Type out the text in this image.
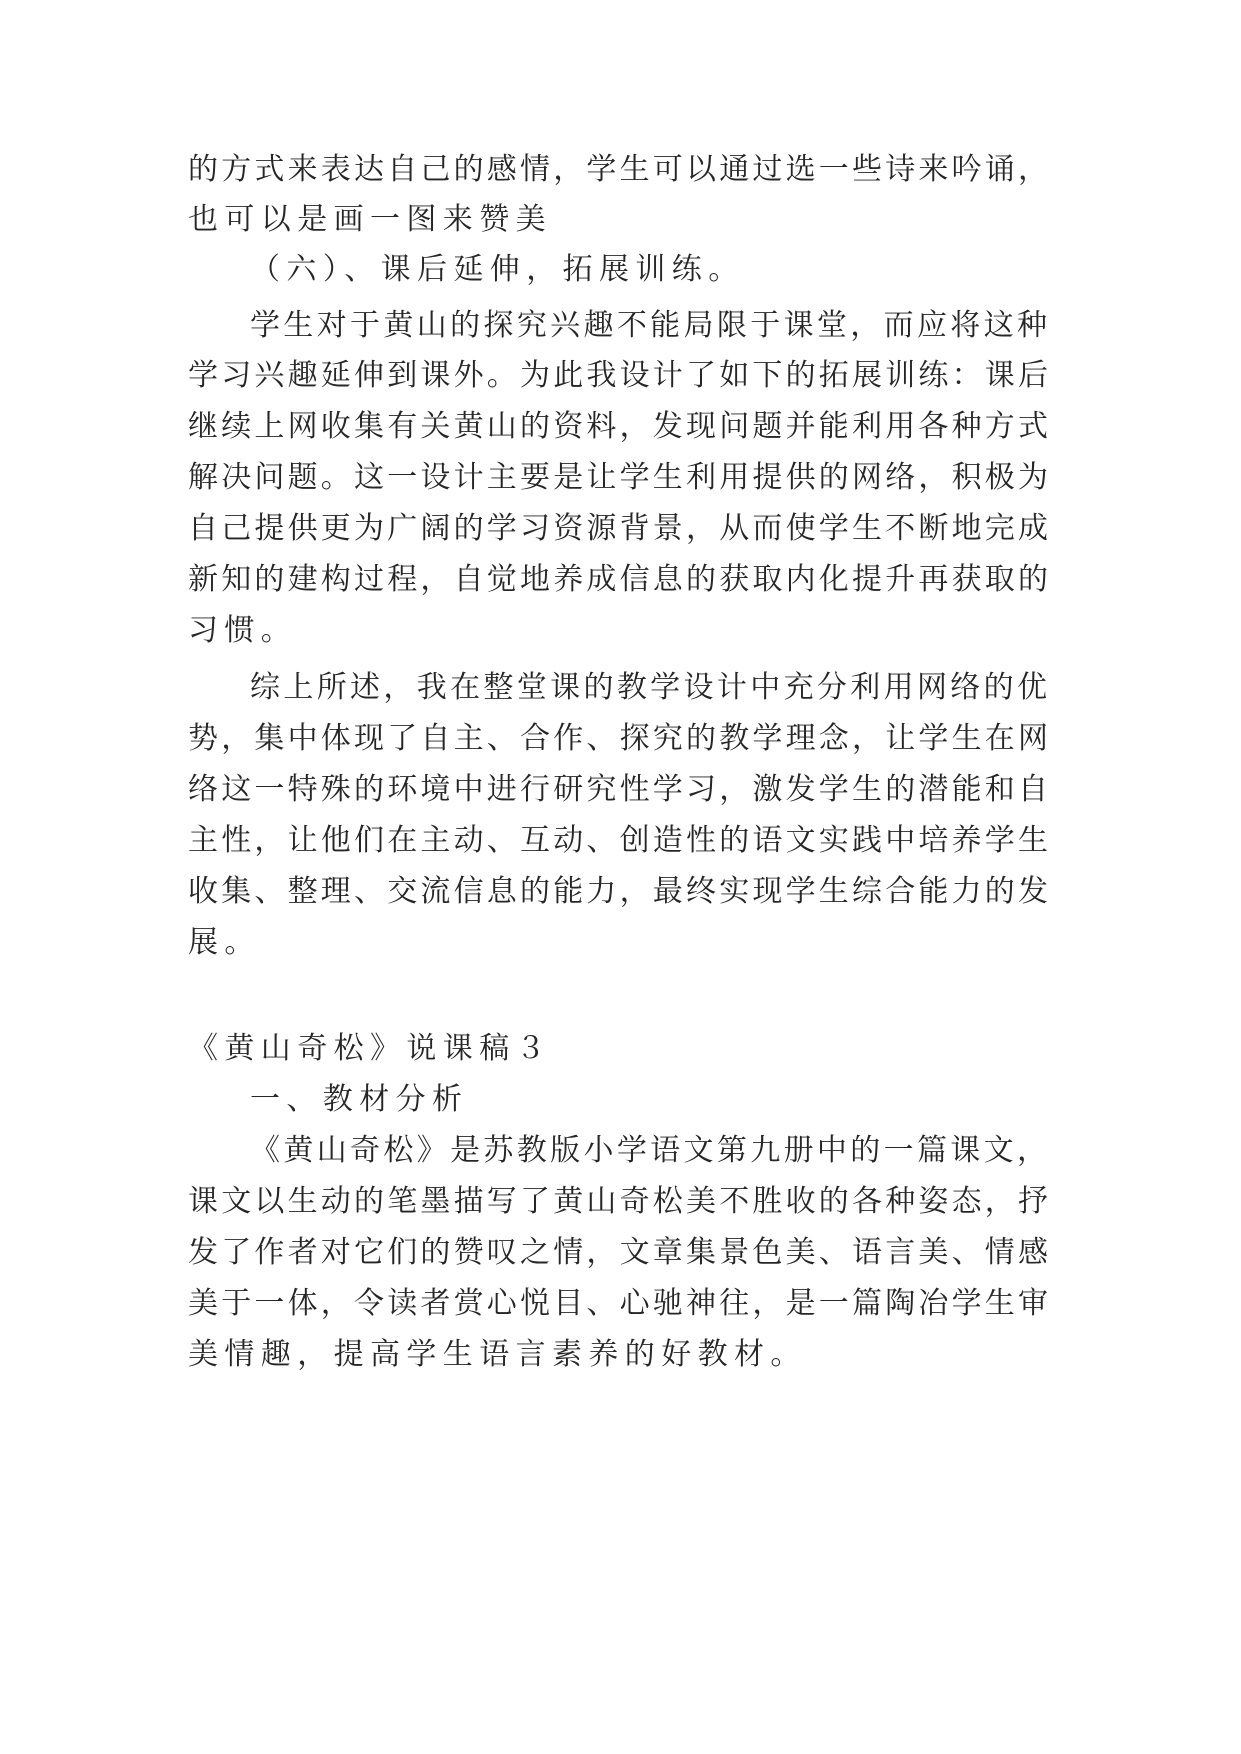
的方式来表达自己的感情，学生可以通过选一些诗来吟诵，
也可以是画一图来赞美
（六）、课后延伸，拓展训练。
学生对于黄山的探究兴趣不能局限于课堂，而应将这种
学习兴趣延伸到课外。为此我设计了如下的拓展训练：课后
继续上网收集有关黄山的资料，发现问题并能利用各种方式
解决问题。这一设计主要是让学生利用提供的网络，积极为
自己提供更为广阔的学习资源背景，从而使学生不断地完成
新知的建构过程，自觉地养成信息的获取内化提升再获取的
习惯。
综上所述，我在整堂课的教学设计中充分利用网络的优
势，集中体现了自主、合作、探究的教学理念，让学生在网
络这一特殊的环境中进行研究性学习，激发学生的潜能和自
主性，让他们在主动、互动、创造性的语文实践中培养学生
收集、整理、交流信息的能力，最终实现学生综合能力的发
展。
《黄山奇松》说课稿３
一、教材分析
《黄山奇松》是苏教版小学语文第九册中的一篇课文，
课文以生动的笔墨描写了黄山奇松美不胜收的各种姿态，抒
发了作者对它们的赞叹之情，文章集景色美、语言美、情感
美于一体，令读者赏心悦目、心驰神往，是一篇陶冶学生审
美情趣，提高学生语言素养的好教材。
